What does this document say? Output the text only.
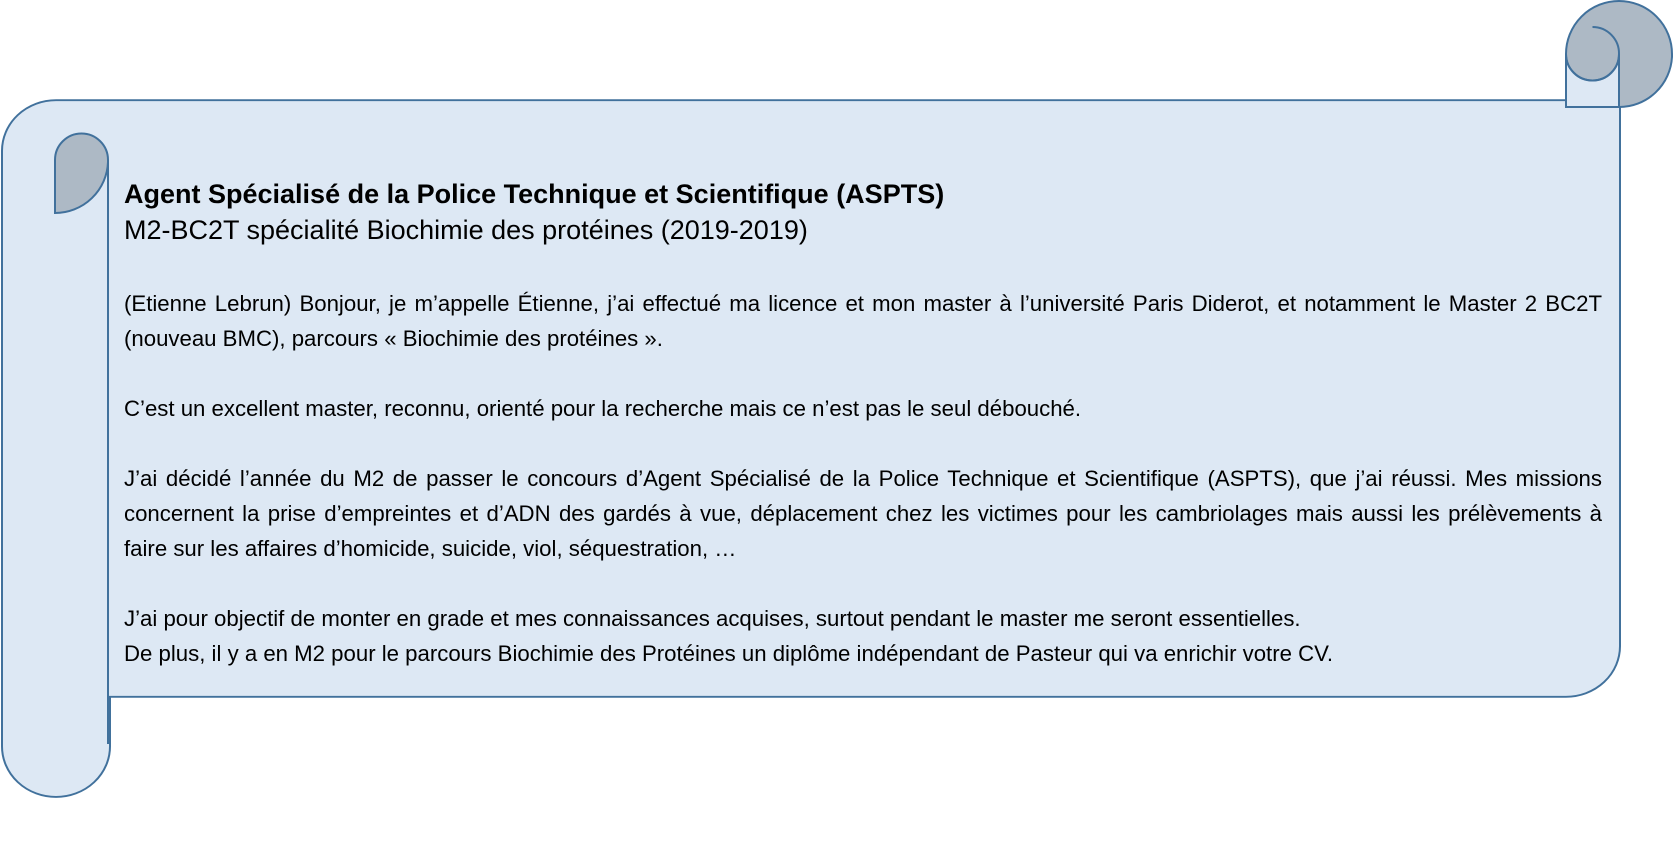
Agent Spécialisé de la Police Technique et Scientifique (ASPTS)

M2-BC2T spécialité Biochimie des protéines (2019-2019)

(Etienne Lebrun) Bonjour, je m’appelle Étienne, j’ai effectué ma licence et mon master à l’université Paris Diderot, et notamment le Master 2 BC2T (nouveau BMC), parcours « Biochimie des protéines ».

C’est un excellent master, reconnu, orienté pour la recherche mais ce n’est pas le seul débouché.

J’ai décidé l’année du M2 de passer le concours d’Agent Spécialisé de la Police Technique et Scientifique (ASPTS), que j’ai réussi. Mes missions concernent la prise d’empreintes et d’ADN des gardés à vue, déplacement chez les victimes pour les cambriolages mais aussi les prélèvements à faire sur les affaires d’homicide, suicide, viol, séquestration, …

J’ai pour objectif de monter en grade et mes connaissances acquises, surtout pendant le master me seront essentielles.
De plus, il y a en M2 pour le parcours Biochimie des Protéines un diplôme indépendant de Pasteur qui va enrichir votre CV.
